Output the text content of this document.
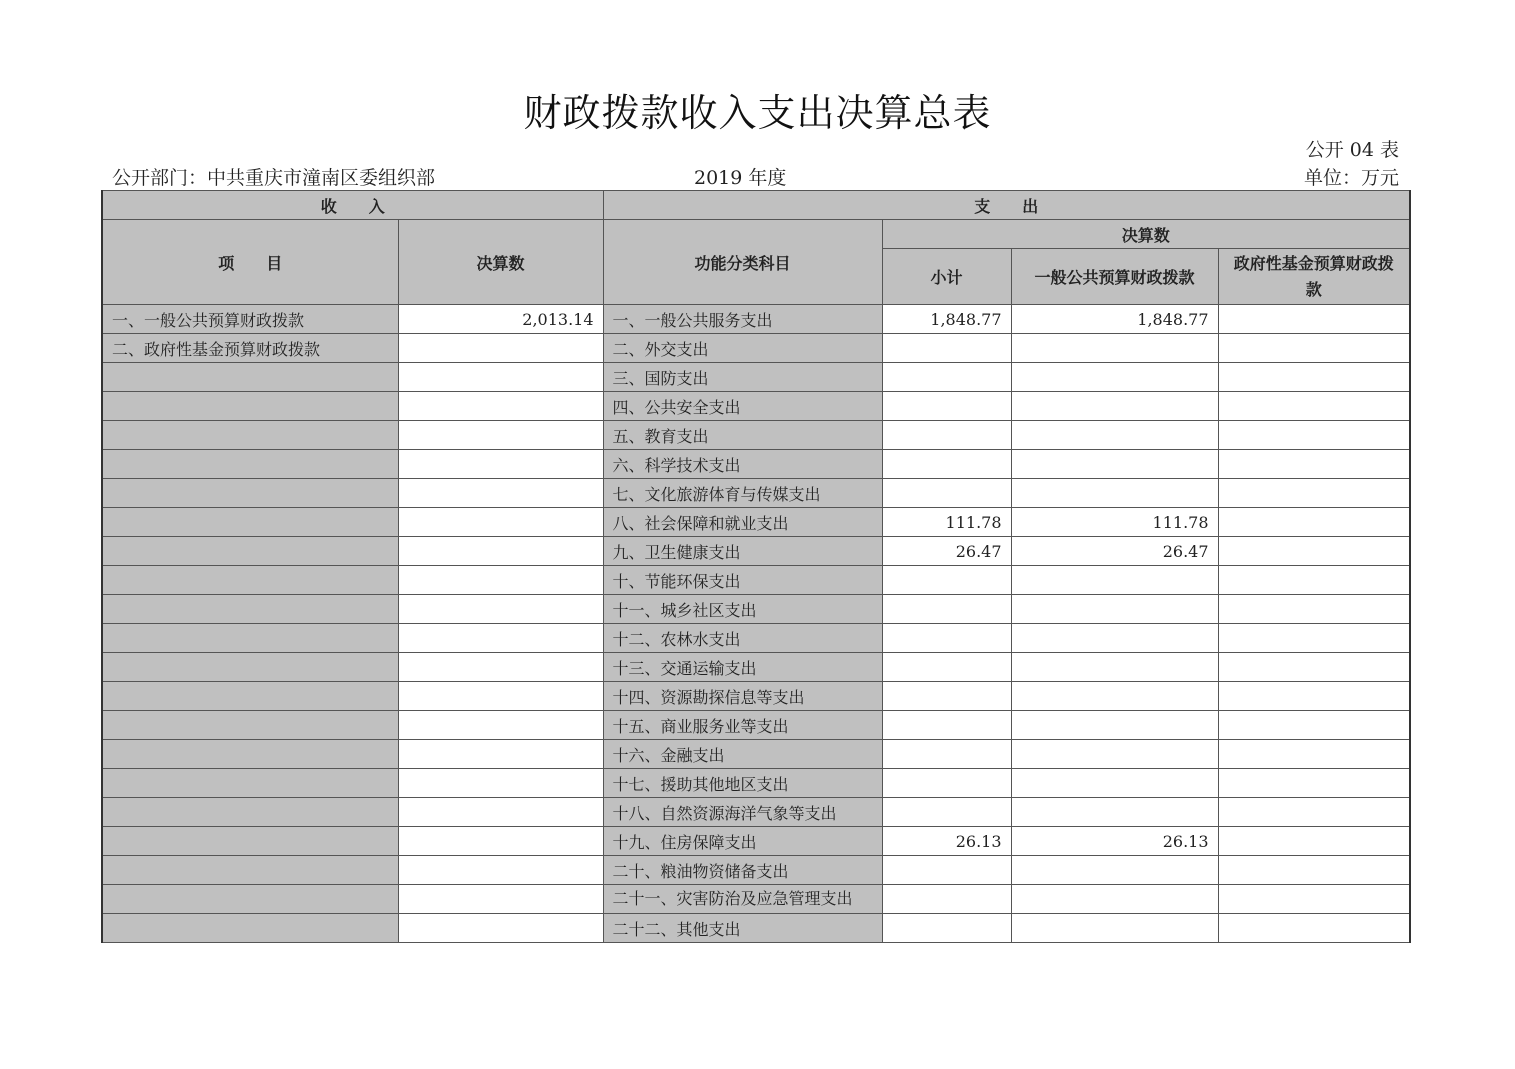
财政拨款收入支出决算总表
公开 04 表
公开部门：中共重庆市潼南区委组织部	2019 年度	单位：万元
收　　入		支　　出			
项　　目	决算数	功能分类科目	决算数		
			小计	一般公共预算财政拨款	政府性基金预算财政拨款
一、一般公共预算财政拨款	2,013.14	一、一般公共服务支出	1,848.77	1,848.77	
二、政府性基金预算财政拨款		二、外交支出			
		三、国防支出			
		四、公共安全支出			
		五、教育支出			
		六、科学技术支出			
		七、文化旅游体育与传媒支出			
		八、社会保障和就业支出	111.78	111.78	
		九、卫生健康支出	26.47	26.47	
		十、节能环保支出			
		十一、城乡社区支出			
		十二、农林水支出			
		十三、交通运输支出			
		十四、资源勘探信息等支出			
		十五、商业服务业等支出			
		十六、金融支出			
		十七、援助其他地区支出			
		十八、自然资源海洋气象等支出			
		十九、住房保障支出	26.13	26.13	
		二十、粮油物资储备支出			
		二十一、灾害防治及应急管理支出			
		二十二、其他支出			
